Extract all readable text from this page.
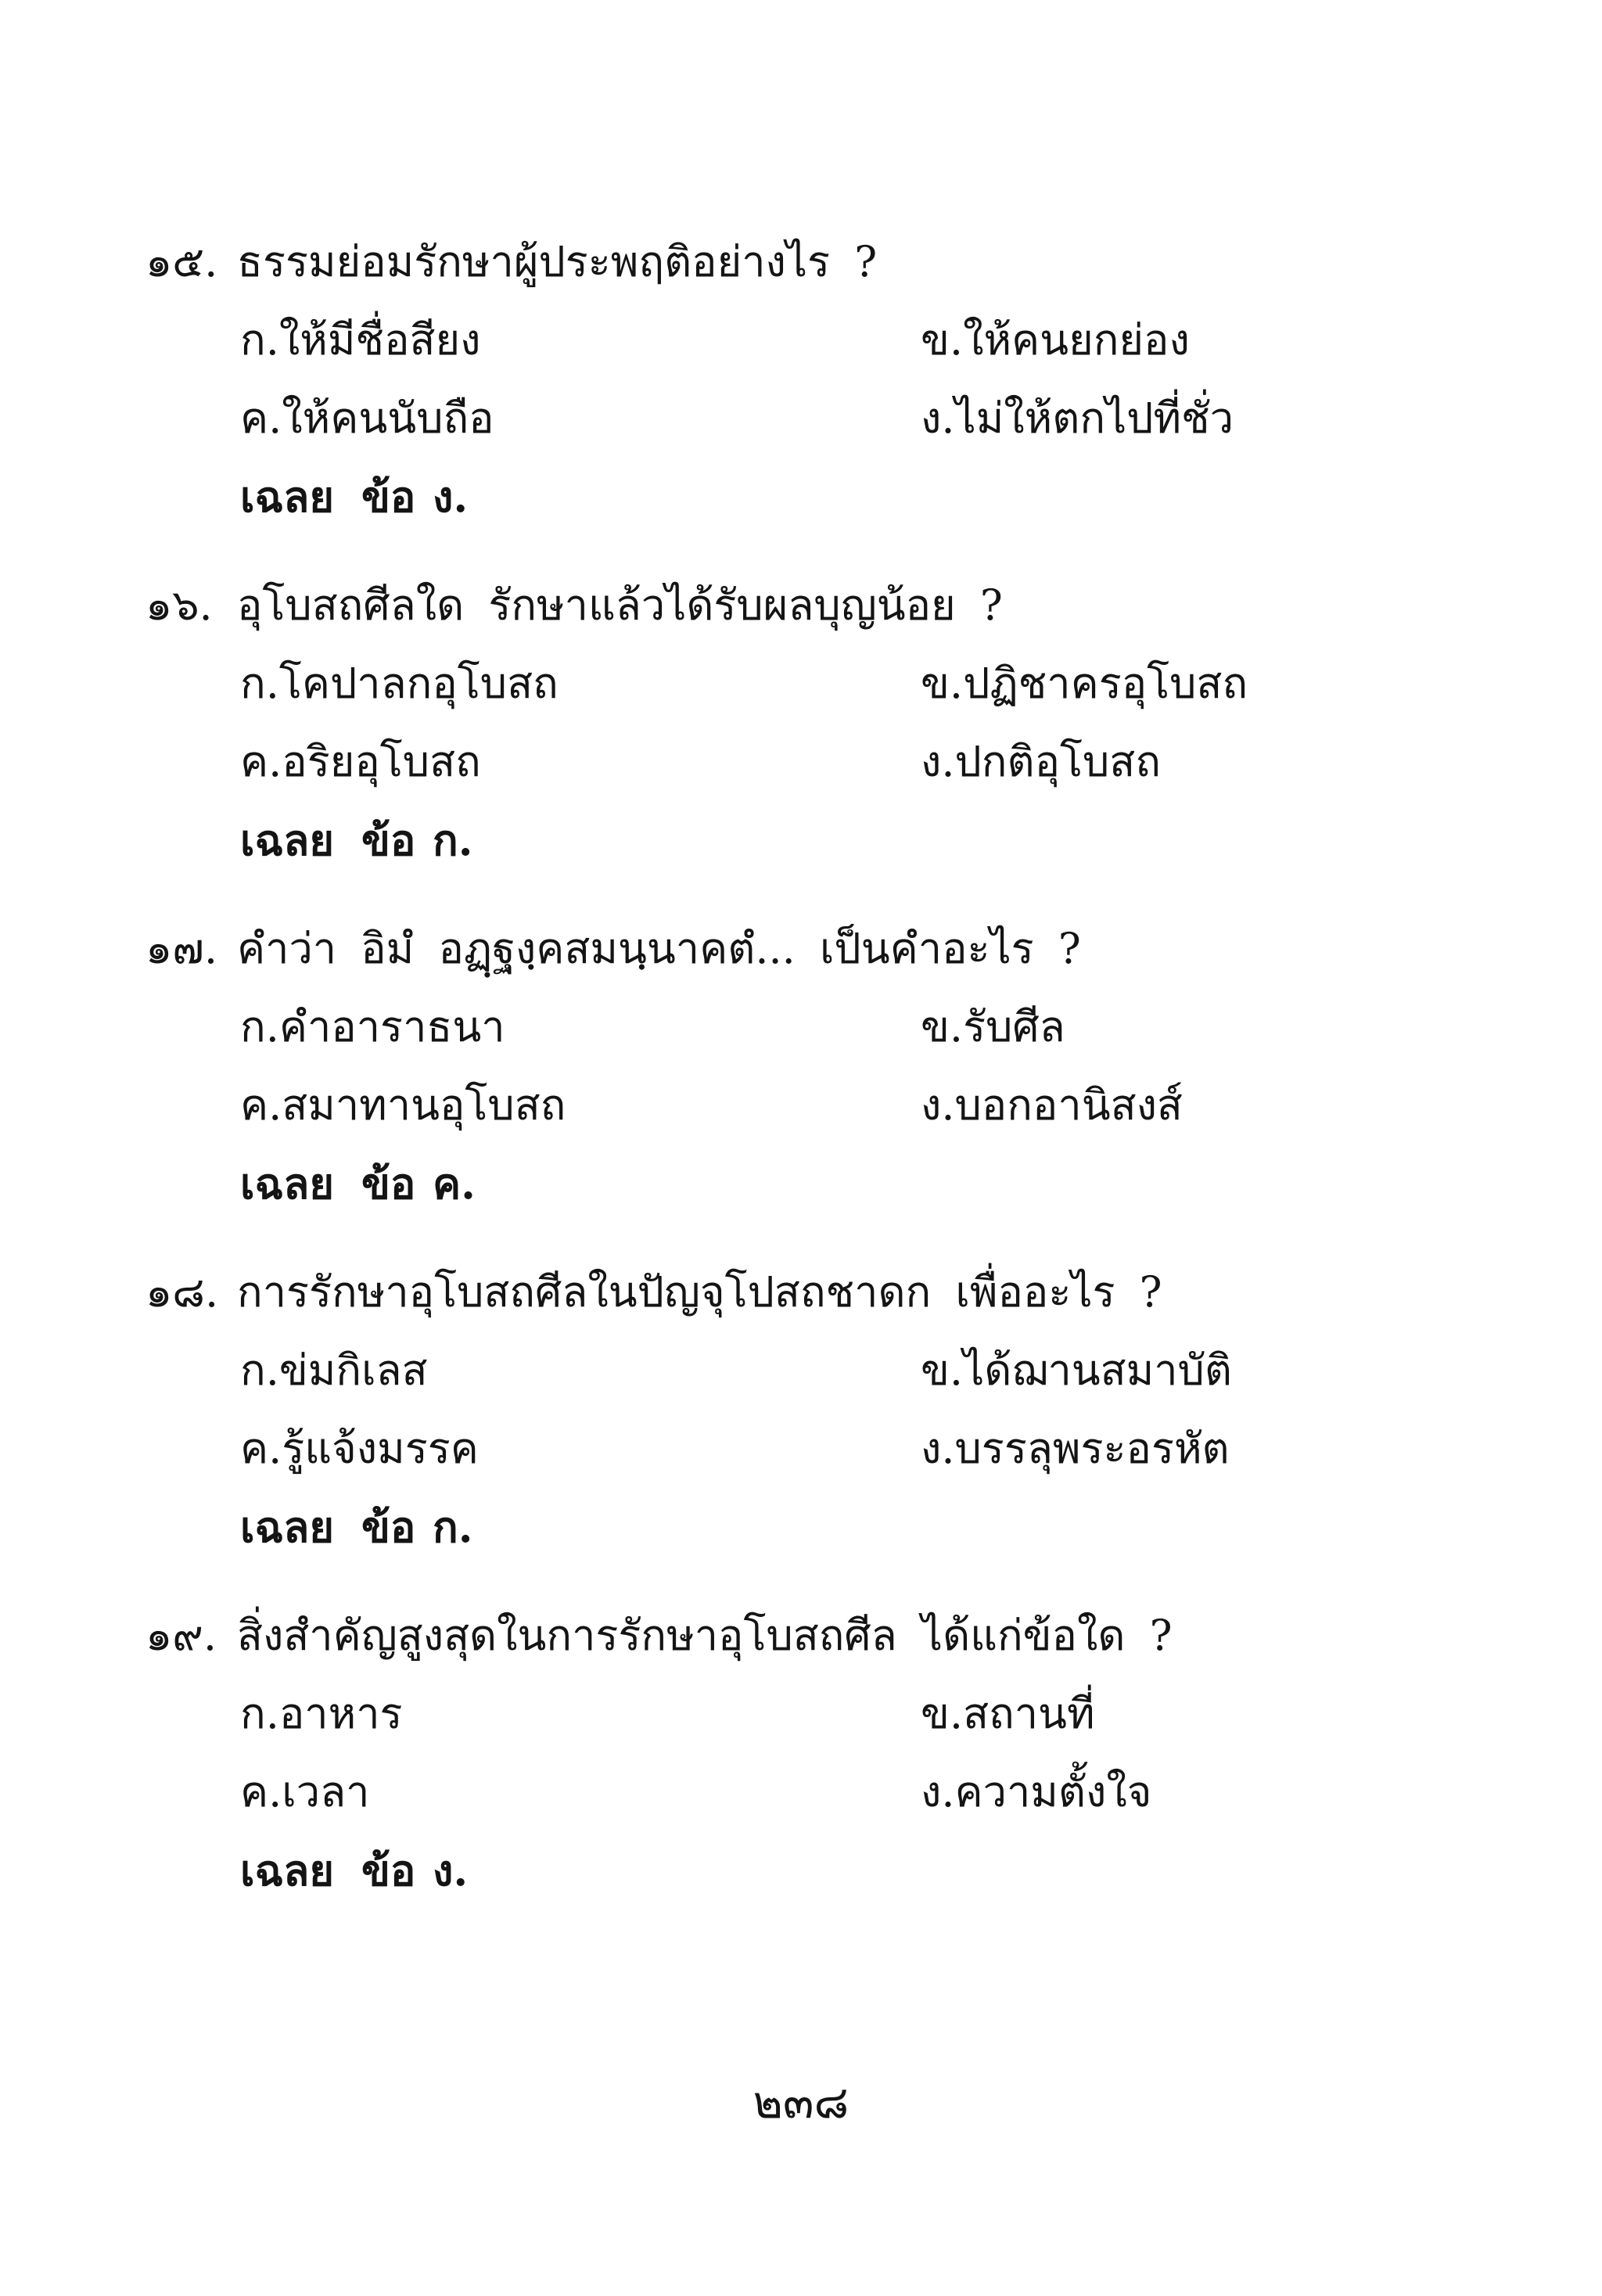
๑๕. ธรรมย่อมรักษาผู้ประพฤติอย่างไร ?
ก.ให้มีชื่อสียง	ข.ให้คนยกย่อง
ค.ให้คนนับถือ	ง.ไม่ให้ตกไปที่ชั่ว
เฉลย ข้อ ง.
๑๖. อุโบสถศีลใด รักษาแล้วได้รับผลบุญน้อย ?
ก.โคปาลกอุโบสถ	ข.ปฏิชาครอุโบสถ
ค.อริยอุโบสถ	ง.ปกติอุโบสถ
เฉลย ข้อ ก.
๑๗. คำว่า อิมํ อฏฺฐงฺคสมนฺนาคตํ... เป็นคำอะไร ?
ก.คำอาราธนา	ข.รับศีล
ค.สมาทานอุโบสถ	ง.บอกอานิสงส์
เฉลย ข้อ ค.
๑๘. การรักษาอุโบสถศีลในปัญจุโปสถชาดก เพื่ออะไร ?
ก.ข่มกิเลส	ข.ได้ฌานสมาบัติ
ค.รู้แจ้งมรรค	ง.บรรลุพระอรหัต
เฉลย ข้อ ก.
๑๙. สิ่งสำคัญสูงสุดในการรักษาอุโบสถศีล ได้แก่ข้อใด ?
ก.อาหาร	ข.สถานที่
ค.เวลา	ง.ความตั้งใจ
เฉลย ข้อ ง.
๒๓๘
